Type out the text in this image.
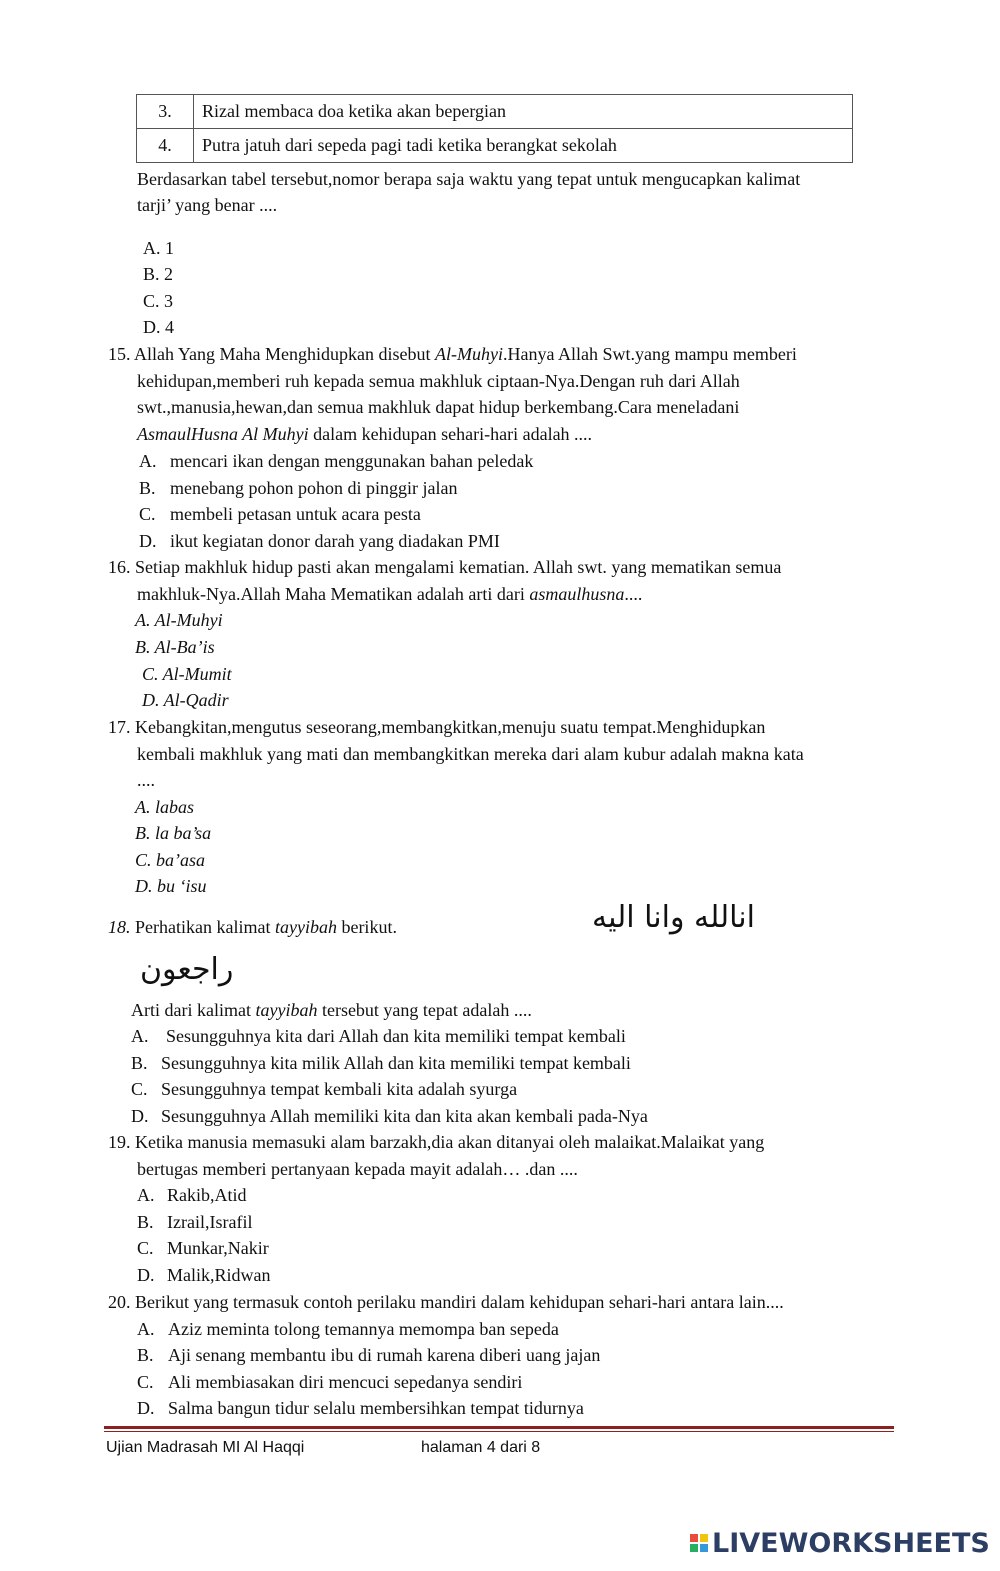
3.	Rizal membaca doa ketika akan bepergian
4.	Putra jatuh dari sepeda pagi tadi ketika berangkat sekolah
Berdasarkan tabel tersebut,nomor berapa saja waktu yang tepat untuk mengucapkan kalimat
tarji’ yang benar ....
A. 1
B. 2
C. 3
D. 4
15. Allah Yang Maha Menghidupkan disebut Al-Muhyi.Hanya Allah Swt.yang mampu memberi
kehidupan,memberi ruh kepada semua makhluk ciptaan-Nya.Dengan ruh dari Allah
swt.,manusia,hewan,dan semua makhluk dapat hidup berkembang.Cara meneladani
AsmaulHusna Al Muhyi dalam kehidupan sehari-hari adalah ....
A. mencari ikan dengan menggunakan bahan peledak
B. menebang pohon pohon di pinggir jalan
C. membeli petasan untuk acara pesta
D. ikut kegiatan donor darah yang diadakan PMI
16. Setiap makhluk hidup pasti akan mengalami kematian. Allah swt. yang mematikan semua
makhluk-Nya.Allah Maha Mematikan adalah arti dari asmaulhusna....
A. Al-Muhyi
B. Al-Ba’is
C. Al-Mumit
D. Al-Qadir
17. Kebangkitan,mengutus seseorang,membangkitkan,menuju suatu tempat.Menghidupkan
kembali makhluk yang mati dan membangkitkan mereka dari alam kubur adalah makna kata
....
A. labas
B. la ba’sa
C. ba’asa
D. bu ‘isu
18. Perhatikan kalimat tayyibah berikut.	انالله وانا اليه
راجعون
Arti dari kalimat tayyibah tersebut yang tepat adalah ....
A. Sesungguhnya kita dari Allah dan kita memiliki tempat kembali
B. Sesungguhnya kita milik Allah dan kita memiliki tempat kembali
C. Sesungguhnya tempat kembali kita adalah syurga
D. Sesungguhnya Allah memiliki kita dan kita akan kembali pada-Nya
19. Ketika manusia memasuki alam barzakh,dia akan ditanyai oleh malaikat.Malaikat yang
bertugas memberi pertanyaan kepada mayit adalah… .dan ....
A. Rakib,Atid
B. Izrail,Israfil
C. Munkar,Nakir
D. Malik,Ridwan
20. Berikut yang termasuk contoh perilaku mandiri dalam kehidupan sehari-hari antara lain....
A. Aziz meminta tolong temannya memompa ban sepeda
B. Aji senang membantu ibu di rumah karena diberi uang jajan
C. Ali membiasakan diri mencuci sepedanya sendiri
D. Salma bangun tidur selalu membersihkan tempat tidurnya
Ujian Madrasah MI Al Haqqi	halaman 4 dari 8
LIVEWORKSHEETS
